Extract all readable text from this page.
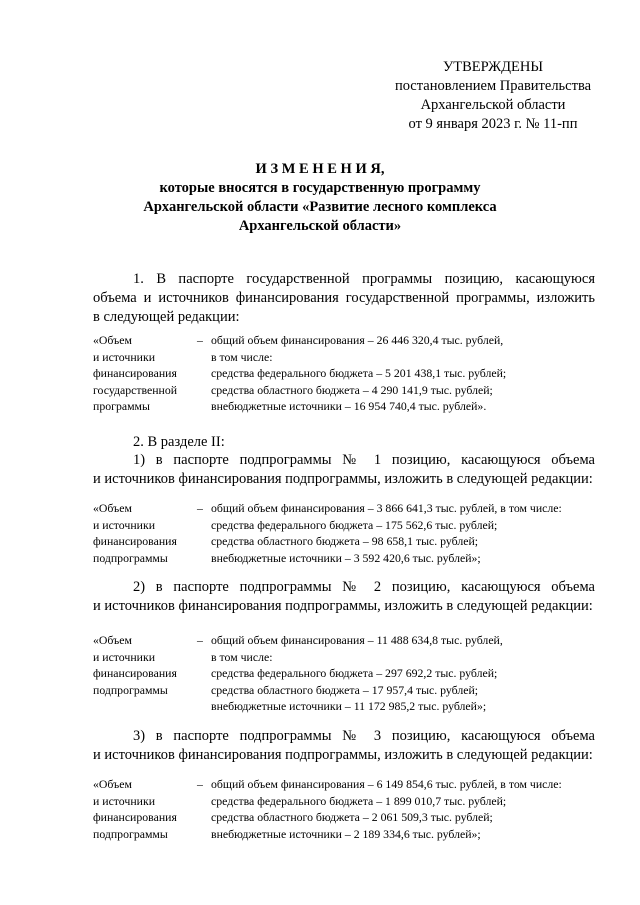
УТВЕРЖДЕНЫ
постановлением Правительства
Архангельской области
от 9 января 2023 г. № 11-пп
И З М Е Н Е Н И Я,
которые вносятся в государственную программу
Архангельской области «Развитие лесного комплекса
Архангельской области»
1. В паспорте государственной программы позицию, касающуюся
объема и источников финансирования государственной программы, изложить
в следующей редакции:
«Объем
и источники
финансирования
государственной
программы
– общий объем финансирования – 26 446 320,4 тыс. рублей,
в том числе:
средства федерального бюджета – 5 201 438,1 тыс. рублей;
средства областного бюджета – 4 290 141,9 тыс. рублей;
внебюджетные источники – 16 954 740,4 тыс. рублей».
2. В разделе II:
1) в паспорте подпрограммы № 1 позицию, касающуюся объема
и источников финансирования подпрограммы, изложить в следующей редакции:
«Объем
и источники
финансирования
подпрограммы
– общий объем финансирования – 3 866 641,3 тыс. рублей, в том числе:
средства федерального бюджета – 175 562,6 тыс. рублей;
средства областного бюджета – 98 658,1 тыс. рублей;
внебюджетные источники – 3 592 420,6 тыс. рублей»;
2) в паспорте подпрограммы № 2 позицию, касающуюся объема
и источников финансирования подпрограммы, изложить в следующей редакции:
«Объем
и источники
финансирования
подпрограммы
– общий объем финансирования – 11 488 634,8 тыс. рублей,
в том числе:
средства федерального бюджета – 297 692,2 тыс. рублей;
средства областного бюджета – 17 957,4 тыс. рублей;
внебюджетные источники – 11 172 985,2 тыс. рублей»;
3) в паспорте подпрограммы № 3 позицию, касающуюся объема
и источников финансирования подпрограммы, изложить в следующей редакции:
«Объем
и источники
финансирования
подпрограммы
– общий объем финансирования – 6 149 854,6 тыс. рублей, в том числе:
средства федерального бюджета – 1 899 010,7 тыс. рублей;
средства областного бюджета – 2 061 509,3 тыс. рублей;
внебюджетные источники – 2 189 334,6 тыс. рублей»;
